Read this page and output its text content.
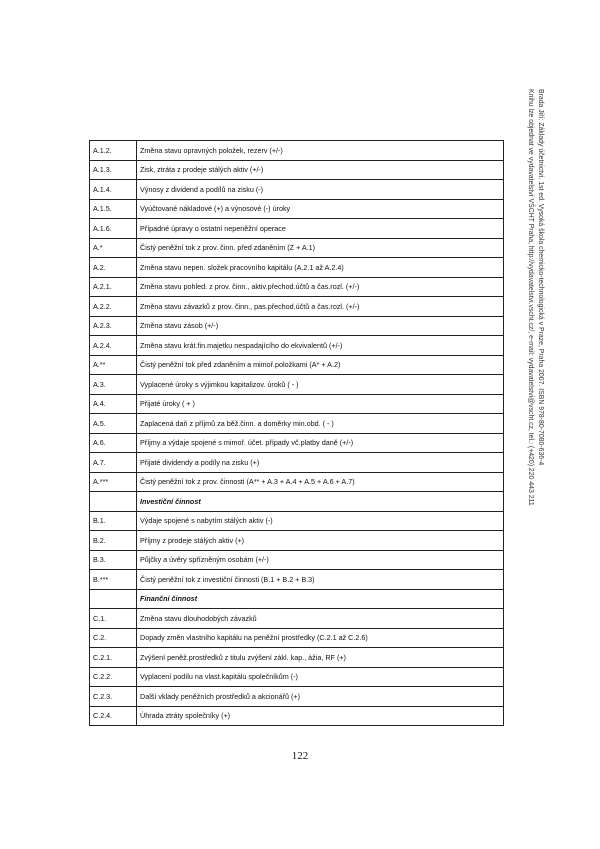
Brada Jiří: Základy účetnictví. 1st ed. Vysoká škola chemicko-technologická v Praze, Praha 2007. ISBN 978-80-7080-636-4
Knihu lze objednat ve vydavatelství VŠCHT Praha, http://vydavatelstvi.vscht.cz/, e-mail: vydavatelstvi@vscht.cz, tel.: (+420) 220 443 211
A.1.2.	Změna stavu opravných položek, rezerv (+/-)
A.1.3.	Zisk, ztráta z prodeje stálých aktiv (+/-)
A.1.4.	Výnosy z dividend a podílů na zisku (-)
A.1.5.	Vyúčtované nákladové (+) a výnosové (-) úroky
A.1.6.	Případné úpravy o ostatní nepeněžní operace
A.*	Čistý peněžní tok z prov. činn. před zdaněním (Z + A.1)
A.2.	Změna stavu nepen. složek pracovního kapitálu (A.2.1 až A.2.4)
A.2.1.	Změna stavu pohled. z prov. činn., aktiv.přechod.účtů a čas.rozl. (+/-)
A.2.2.	Změna stavu závazků z prov. činn., pas.přechod.účtů a čas.rozl. (+/-)
A.2.3.	Změna stavu zásob (+/-)
A.2.4.	Změna stavu krát.fin.majetku nespadajícího do ekvivalentů (+/-)
A.**	Čistý peněžní tok před zdaněním a mimoř.položkami (A* + A.2)
A.3.	Vyplacené úroky s výjimkou kapitalizov. úroků ( - )
A.4.	Přijaté úroky ( + )
A.5.	Zaplacená daň z příjmů za běž.činn. a doměrky min.obd. ( - )
A.6.	Příjmy a výdaje spojené s mimoř. účet. případy vč.platby daně (+/-)
A.7.	Přijaté dividendy a podíly na zisku (+)
A.***	Čistý peněžní tok z prov. činnosti (A** + A.3 + A.4 + A.5 + A.6 + A.7)
	Investiční činnost
B.1.	Výdaje spojené s nabytím stálých aktiv (-)
B.2.	Příjmy z prodeje stálých aktiv (+)
B.3.	Půjčky a úvěry spřízněným osobám (+/-)
B.***	Čistý peněžní tok z investiční činnosti (B.1 + B.2 + B.3)
	Finanční činnost
C.1.	Změna stavu dlouhodobých závazků
C.2.	Dopady změn vlastního kapitálu na peněžní prostředky (C.2.1 až C.2.6)
C.2.1.	Zvýšení peněž.prostředků z titulu zvýšení zákl. kap., ážia, RF (+)
C.2.2.	Vyplacení podílu na vlast.kapitálu společníkům (-)
C.2.3.	Další vklady peněžních prostředků a akcionářů (+)
C.2.4.	Úhrada ztráty společníky (+)
122
